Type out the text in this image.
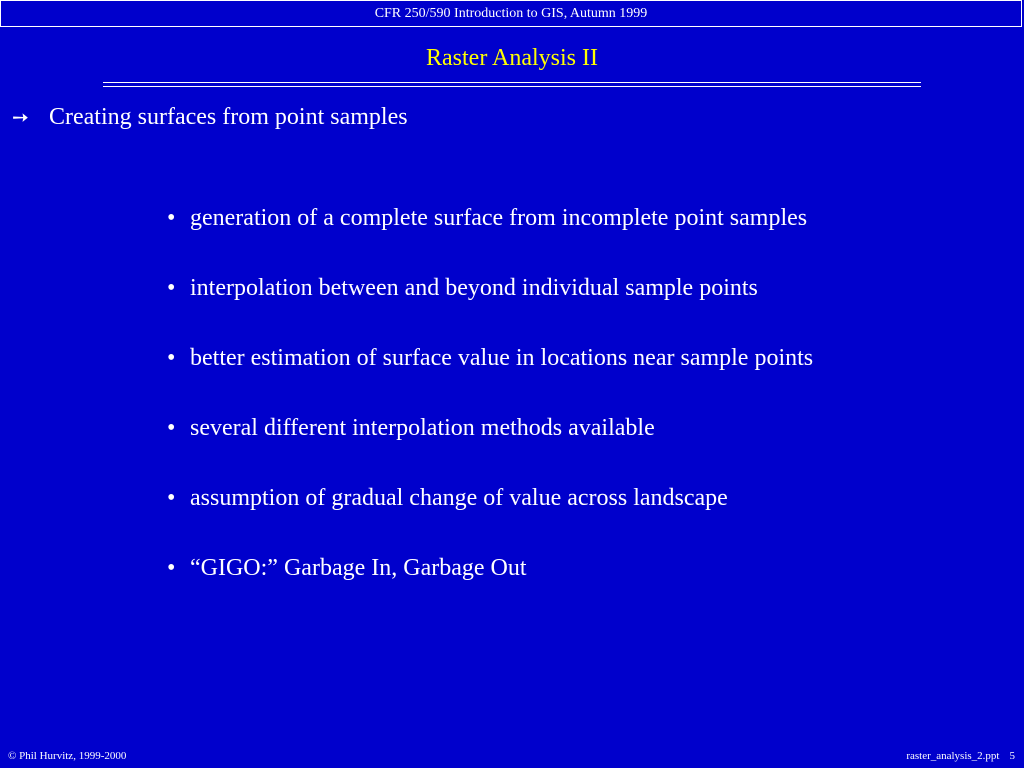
CFR 250/590 Introduction to GIS, Autumn 1999
Raster Analysis II
➙ Creating surfaces from point samples
• generation of a complete surface from incomplete point samples
• interpolation between and beyond individual sample points
• better estimation of surface value in locations near sample points
• several different interpolation methods available
• assumption of gradual change of value across landscape
• “GIGO:” Garbage In, Garbage Out
© Phil Hurvitz, 1999-2000	raster_analysis_2.ppt 5
